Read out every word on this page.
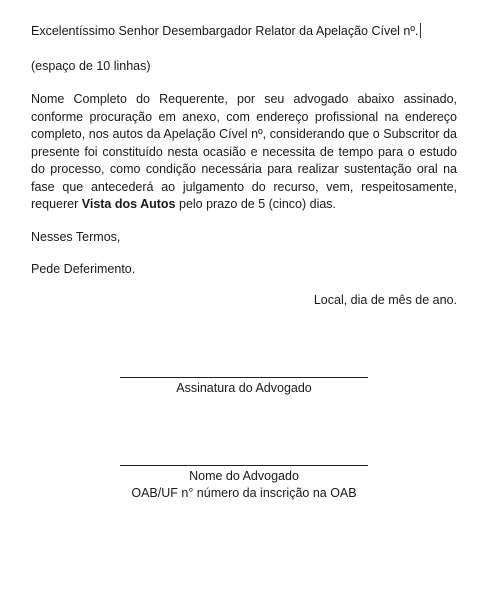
Excelentíssimo Senhor Desembargador Relator da Apelação Cível nº.
(espaço de 10 linhas)
Nome Completo do Requerente, por seu advogado abaixo assinado, conforme procuração em anexo, com endereço profissional na endereço completo, nos autos da Apelação Cível nº, considerando que o Subscritor da presente foi constituído nesta ocasião e necessita de tempo para o estudo do processo, como condição necessária para realizar sustentação oral na fase que antecederá ao julgamento do recurso, vem, respeitosamente, requerer Vista dos Autos pelo prazo de 5 (cinco) dias.
Nesses Termos,
Pede Deferimento.
Local, dia de mês de ano.
Assinatura do Advogado
Nome do Advogado
OAB/UF n° número da inscrição na OAB
